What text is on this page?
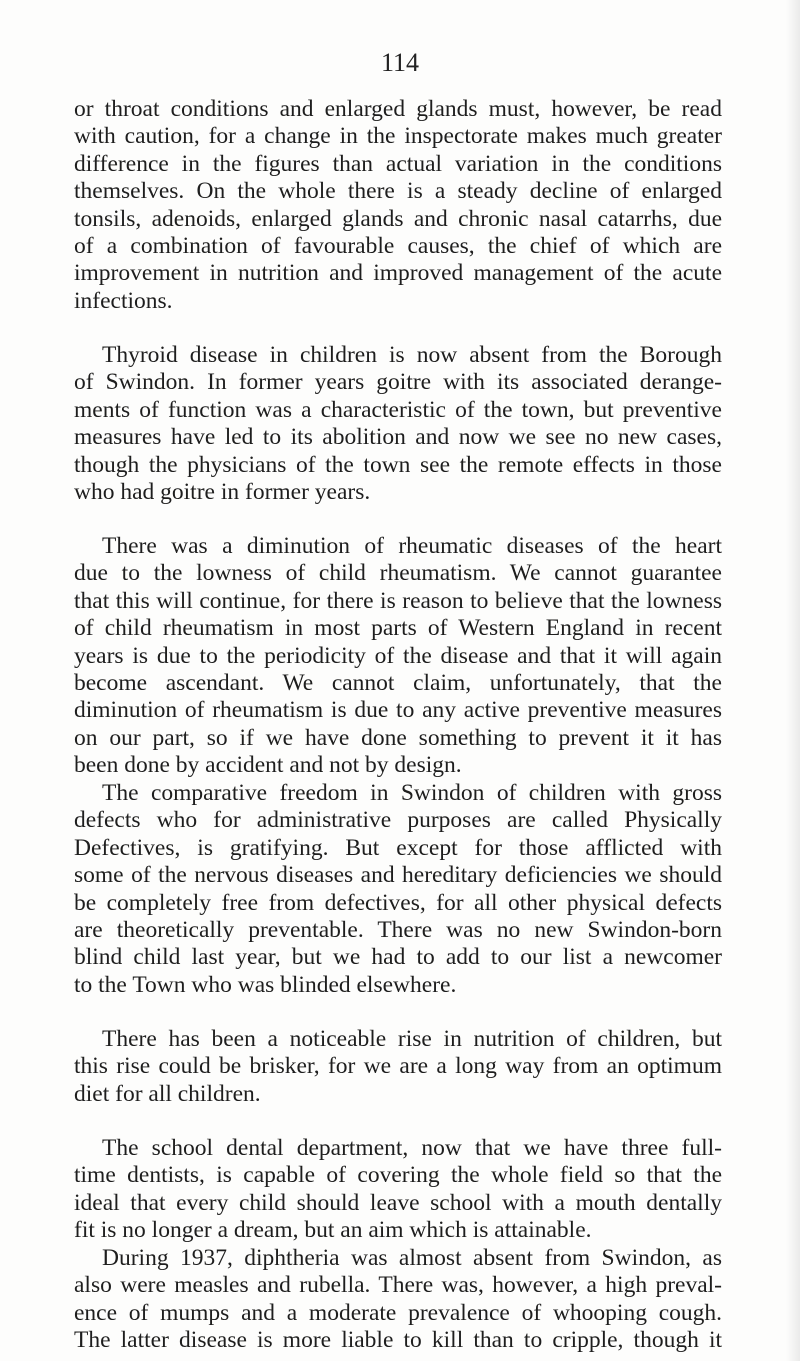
114
or throat conditions and enlarged glands must, however, be read
with caution, for a change in the inspectorate makes much greater
difference in the figures than actual variation in the conditions
themselves. On the whole there is a steady decline of enlarged
tonsils, adenoids, enlarged glands and chronic nasal catarrhs, due
of a combination of favourable causes, the chief of which are
improvement in nutrition and improved management of the acute
infections.
Thyroid disease in children is now absent from the Borough
of Swindon. In former years goitre with its associated derange-
ments of function was a characteristic of the town, but preventive
measures have led to its abolition and now we see no new cases,
though the physicians of the town see the remote effects in those
who had goitre in former years.
There was a diminution of rheumatic diseases of the heart
due to the lowness of child rheumatism. We cannot guarantee
that this will continue, for there is reason to believe that the lowness
of child rheumatism in most parts of Western England in recent
years is due to the periodicity of the disease and that it will again
become ascendant. We cannot claim, unfortunately, that the
diminution of rheumatism is due to any active preventive measures
on our part, so if we have done something to prevent it it has
been done by accident and not by design.
The comparative freedom in Swindon of children with gross
defects who for administrative purposes are called Physically
Defectives, is gratifying. But except for those afflicted with
some of the nervous diseases and hereditary deficiencies we should
be completely free from defectives, for all other physical defects
are theoretically preventable. There was no new Swindon-born
blind child last year, but we had to add to our list a newcomer
to the Town who was blinded elsewhere.
There has been a noticeable rise in nutrition of children, but
this rise could be brisker, for we are a long way from an optimum
diet for all children.
The school dental department, now that we have three full-
time dentists, is capable of covering the whole field so that the
ideal that every child should leave school with a mouth dentally
fit is no longer a dream, but an aim which is attainable.
During 1937, diphtheria was almost absent from Swindon, as
also were measles and rubella. There was, however, a high preval-
ence of mumps and a moderate prevalence of whooping cough.
The latter disease is more liable to kill than to cripple, though it
